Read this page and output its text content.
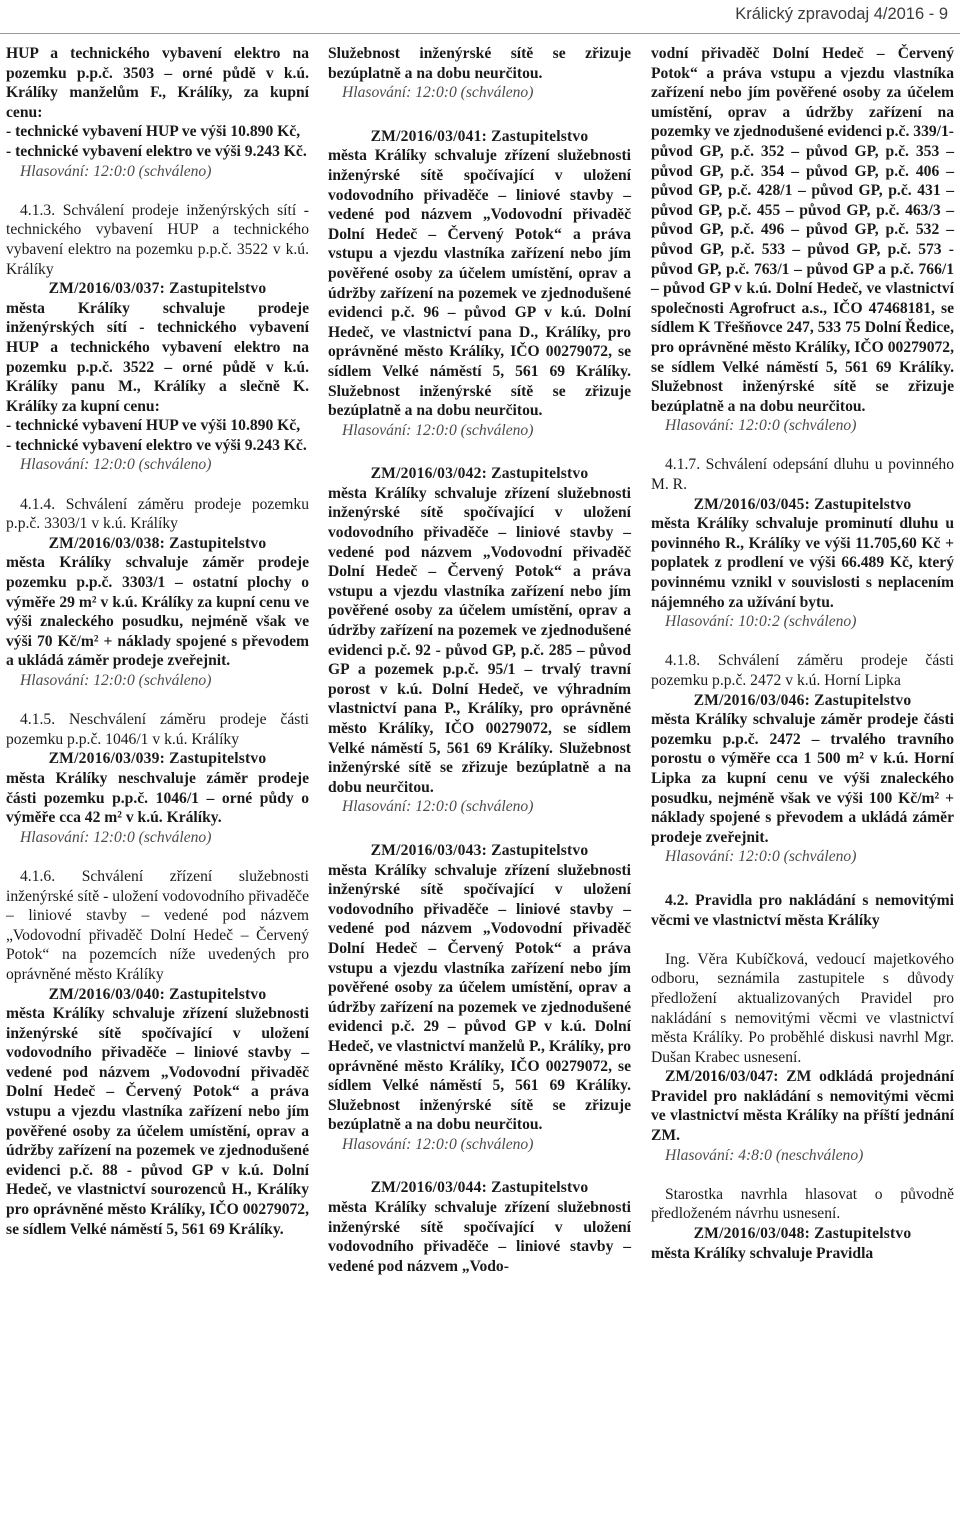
Králický zpravodaj 4/2016 - 9

HUP a technického vybavení elektro na pozemku p.p.č. 3503 – orné půdě v k.ú. Králíky manželům F., Králíky, za kupní cenu:

- technické vybavení HUP ve výši 10.890 Kč,

- technické vybavení elektro ve výši 9.243 Kč.

Hlasování: 12:0:0 (schváleno)

4.1.3. Schválení prodeje inženýrských sítí - technického vybavení HUP a technického vybavení elektro na pozemku p.p.č. 3522 v k.ú. Králíky

ZM/2016/03/037: Zastupitelstvo

města Králíky schvaluje prodeje inženýrských sítí - technického vybavení HUP a technického vybavení elektro na pozemku p.p.č. 3522 – orné půdě v k.ú. Králíky panu M., Králíky a slečně K. Králíky za kupní cenu:

- technické vybavení HUP ve výši 10.890 Kč,

- technické vybavení elektro ve výši 9.243 Kč.

Hlasování: 12:0:0 (schváleno)

4.1.4. Schválení záměru prodeje pozemku p.p.č. 3303/1 v k.ú. Králíky

ZM/2016/03/038: Zastupitelstvo

města Králíky schvaluje záměr prodeje pozemku p.p.č. 3303/1 – ostatní plochy o výměře 29 m² v k.ú. Králíky za kupní cenu ve výši znaleckého posudku, nejméně však ve výši 70 Kč/m² + náklady spojené s převodem a ukládá záměr prodeje zveřejnit.

Hlasování: 12:0:0 (schváleno)

4.1.5. Neschválení záměru prodeje části pozemku p.p.č. 1046/1 v k.ú. Králíky

ZM/2016/03/039: Zastupitelstvo

města Králíky neschvaluje záměr prodeje části pozemku p.p.č. 1046/1 – orné půdy o výměře cca 42 m² v k.ú. Králíky.

Hlasování: 12:0:0 (schváleno)

4.1.6. Schválení zřízení služebnosti inženýrské sítě - uložení vodovodního přivaděče – liniové stavby – vedené pod názvem „Vodovodní přivaděč Dolní Hedeč – Červený Potok“ na pozemcích níže uvedených pro oprávněné město Králíky

ZM/2016/03/040: Zastupitelstvo

města Králíky schvaluje zřízení služebnosti inženýrské sítě spočívající v uložení vodovodního přivaděče – liniové stavby – vedené pod názvem „Vodovodní přivaděč Dolní Hedeč – Červený Potok“ a práva vstupu a vjezdu vlastníka zařízení nebo jím pověřené osoby za účelem umístění, oprav a údržby zařízení na pozemek ve zjednodušené evidenci p.č. 88 - původ GP v k.ú. Dolní Hedeč, ve vlastnictví sourozenců H., Králíky pro oprávněné město Králíky, IČO 00279072, se sídlem Velké náměstí 5, 561 69 Králíky.

Služebnost inženýrské sítě se zřizuje bezúplatně a na dobu neurčitou.

Hlasování: 12:0:0 (schváleno)

ZM/2016/03/041: Zastupitelstvo

města Králíky schvaluje zřízení služebnosti inženýrské sítě spočívající v uložení vodovodního přivaděče – liniové stavby – vedené pod názvem „Vodovodní přivaděč Dolní Hedeč – Červený Potok“ a práva vstupu a vjezdu vlastníka zařízení nebo jím pověřené osoby za účelem umístění, oprav a údržby zařízení na pozemek ve zjednodušené evidenci p.č. 96 – původ GP v k.ú. Dolní Hedeč, ve vlastnictví pana D., Králíky, pro oprávněné město Králíky, IČO 00279072, se sídlem Velké náměstí 5, 561 69 Králíky. Služebnost inženýrské sítě se zřizuje bezúplatně a na dobu neurčitou.

Hlasování: 12:0:0 (schváleno)

ZM/2016/03/042: Zastupitelstvo

města Králíky schvaluje zřízení služebnosti inženýrské sítě spočívající v uložení vodovodního přivaděče – liniové stavby – vedené pod názvem „Vodovodní přivaděč Dolní Hedeč – Červený Potok“ a práva vstupu a vjezdu vlastníka zařízení nebo jím pověřené osoby za účelem umístění, oprav a údržby zařízení na pozemek ve zjednodušené evidenci p.č. 92 - původ GP, p.č. 285 – původ GP a pozemek p.p.č. 95/1 – trvalý travní porost v k.ú. Dolní Hedeč, ve výhradním vlastnictví pana P., Králíky, pro oprávněné město Králíky, IČO 00279072, se sídlem Velké náměstí 5, 561 69 Králíky. Služebnost inženýrské sítě se zřizuje bezúplatně a na dobu neurčitou.

Hlasování: 12:0:0 (schváleno)

ZM/2016/03/043: Zastupitelstvo

města Králíky schvaluje zřízení služebnosti inženýrské sítě spočívající v uložení vodovodního přivaděče – liniové stavby – vedené pod názvem „Vodovodní přivaděč Dolní Hedeč – Červený Potok“ a práva vstupu a vjezdu vlastníka zařízení nebo jím pověřené osoby za účelem umístění, oprav a údržby zařízení na pozemek ve zjednodušené evidenci p.č. 29 – původ GP v k.ú. Dolní Hedeč, ve vlastnictví manželů P., Králíky, pro oprávněné město Králíky, IČO 00279072, se sídlem Velké náměstí 5, 561 69 Králíky. Služebnost inženýrské sítě se zřizuje bezúplatně a na dobu neurčitou.

Hlasování: 12:0:0 (schváleno)

ZM/2016/03/044: Zastupitelstvo

města Králíky schvaluje zřízení služebnosti inženýrské sítě spočívající v uložení vodovodního přivaděče – liniové stavby – vedené pod názvem „Vodo-

vodní přivaděč Dolní Hedeč – Červený Potok“ a práva vstupu a vjezdu vlastníka zařízení nebo jím pověřené osoby za účelem umístění, oprav a údržby zařízení na pozemky ve zjednodušené evidenci p.č. 339/1- původ GP, p.č. 352 – původ GP, p.č. 353 – původ GP, p.č. 354 – původ GP, p.č. 406 – původ GP, p.č. 428/1 – původ GP, p.č. 431 – původ GP, p.č. 455 – původ GP, p.č. 463/3 – původ GP, p.č. 496 – původ GP, p.č. 532 – původ GP, p.č. 533 – původ GP, p.č. 573 - původ GP, p.č. 763/1 – původ GP a p.č. 766/1 – původ GP v k.ú. Dolní Hedeč, ve vlastnictví společnosti Agrofruct a.s., IČO 47468181, se sídlem K Třešňovce 247, 533 75 Dolní Ředice, pro oprávněné město Králíky, IČO 00279072, se sídlem Velké náměstí 5, 561 69 Králíky. Služebnost inženýrské sítě se zřizuje bezúplatně a na dobu neurčitou.

Hlasování: 12:0:0 (schváleno)

4.1.7. Schválení odepsání dluhu u povinného M. R.

ZM/2016/03/045: Zastupitelstvo

města Králíky schvaluje prominutí dluhu u povinného R., Králíky ve výši 11.705,60 Kč + poplatek z prodlení ve výši 66.489 Kč, který povinnému vznikl v souvislosti s neplacením nájemného za užívání bytu.

Hlasování: 10:0:2 (schváleno)

4.1.8. Schválení záměru prodeje části pozemku p.p.č. 2472 v k.ú. Horní Lipka

ZM/2016/03/046: Zastupitelstvo

města Králíky schvaluje záměr prodeje části pozemku p.p.č. 2472 – trvalého travního porostu o výměře cca 1 500 m² v k.ú. Horní Lipka za kupní cenu ve výši znaleckého posudku, nejméně však ve výši 100 Kč/m² + náklady spojené s převodem a ukládá záměr prodeje zveřejnit.

Hlasování: 12:0:0 (schváleno)

4.2. Pravidla pro nakládání s nemovitými věcmi ve vlastnictví města Králíky

Ing. Věra Kubíčková, vedoucí majetkového odboru, seznámila zastupitele s důvody předložení aktualizovaných Pravidel pro nakládání s nemovitými věcmi ve vlastnictví města Králíky. Po proběhlé diskusi navrhl Mgr. Dušan Krabec usnesení.

ZM/2016/03/047: ZM odkládá projednání Pravidel pro nakládání s nemovitými věcmi ve vlastnictví města Králíky na příští jednání ZM.

Hlasování: 4:8:0 (neschváleno)

Starostka navrhla hlasovat o původně předloženém návrhu usnesení.

ZM/2016/03/048: Zastupitelstvo

města Králíky schvaluje Pravidla
